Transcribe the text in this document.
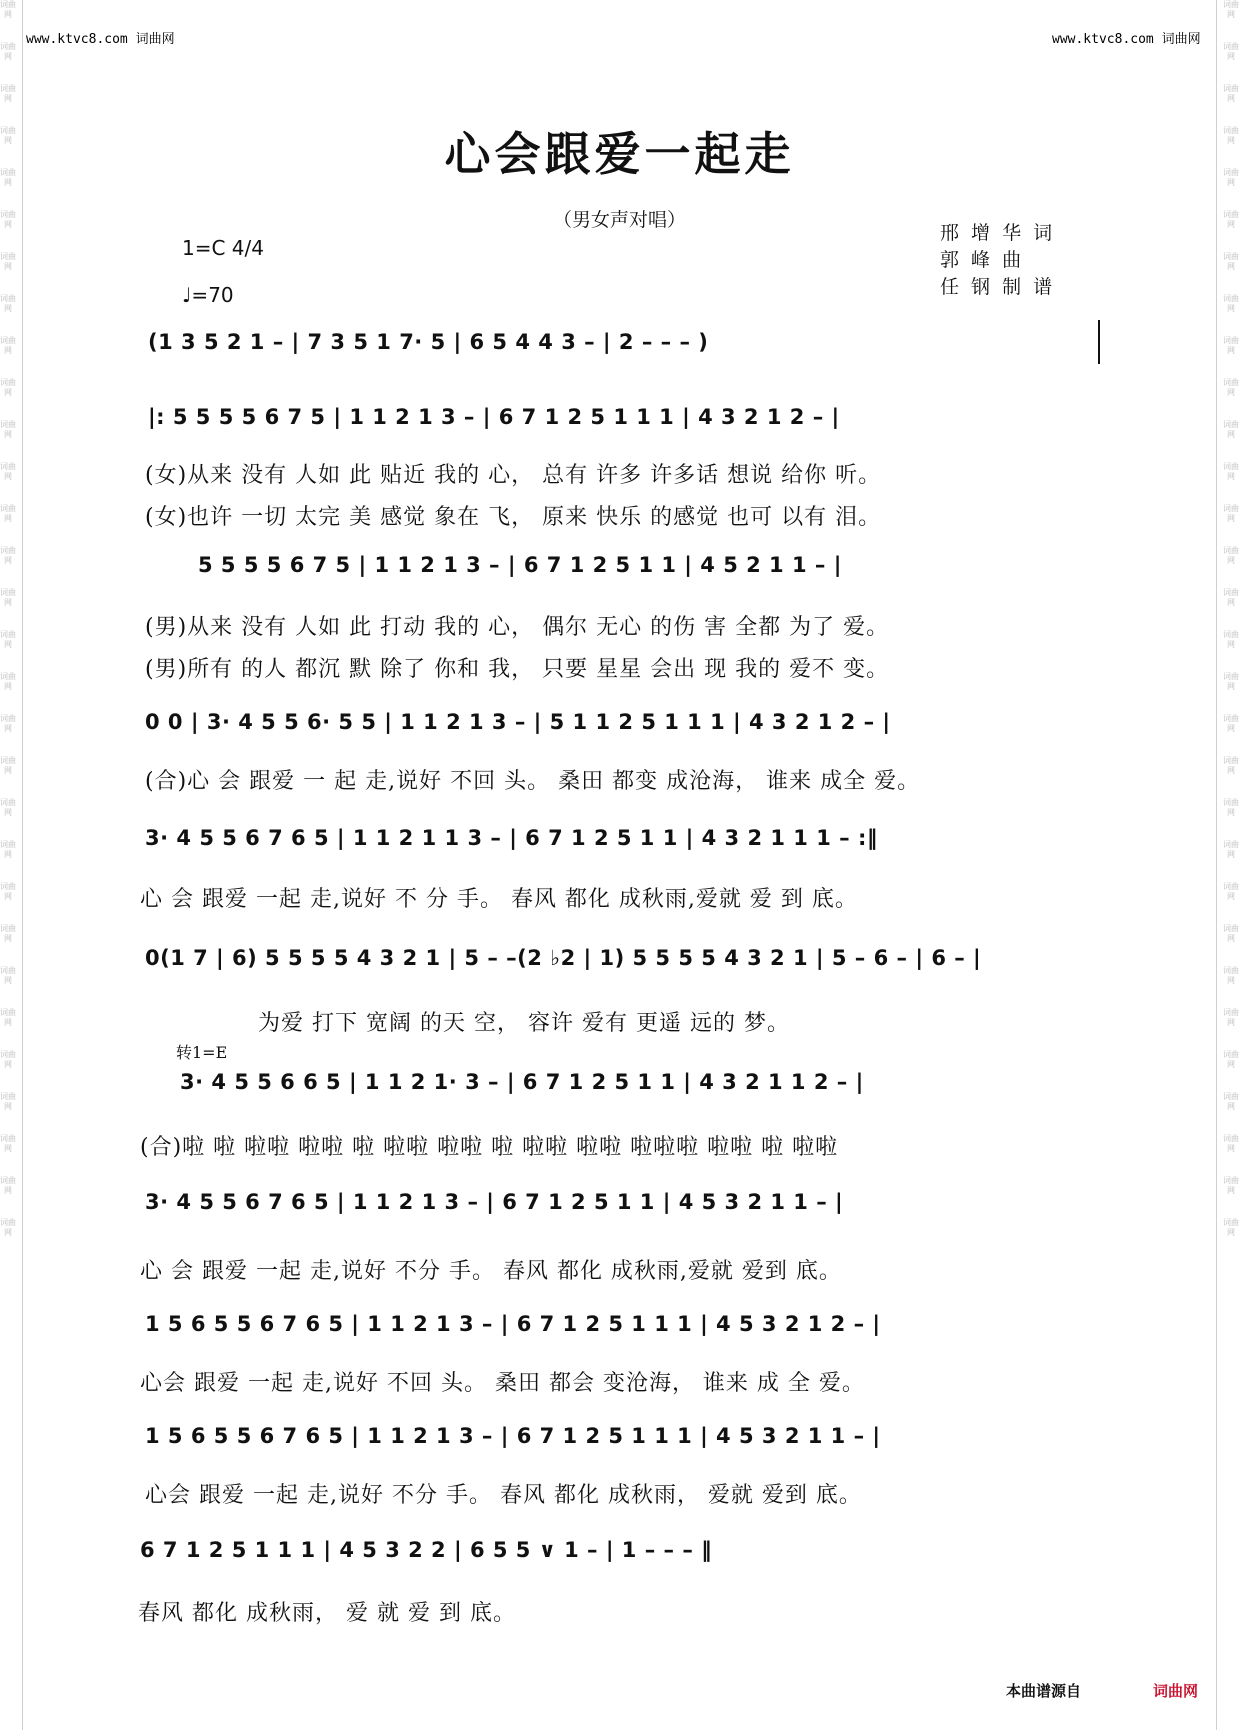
词曲网
词曲网
词曲网
词曲网
词曲网
词曲网
词曲网
词曲网
词曲网
词曲网
词曲网
词曲网
词曲网
词曲网
词曲网
词曲网
词曲网
词曲网
词曲网
词曲网
词曲网
词曲网
词曲网
词曲网
词曲网
词曲网
词曲网
词曲网
词曲网
词曲网
词曲网
词曲网
词曲网
词曲网
词曲网
词曲网
词曲网
词曲网
词曲网
词曲网
词曲网
词曲网
词曲网
词曲网
词曲网
词曲网
词曲网
词曲网
词曲网
词曲网
词曲网
词曲网
词曲网
词曲网
词曲网
词曲网
词曲网
词曲网
词曲网
词曲网
www.ktvc8.com 词曲网	www.ktvc8.com 词曲网
心会跟爱一起走
（男女声对唱）
邢 增 华 词
郭 峰 曲
任 钢 制 谱
1=C 4/4
♩=70
(1 3 5 2 1 – | 7 3 5 1 7· 5 | 6 5 4 4 3 – | 2 – – – )
|: 5 5 5 5 6 7 5 | 1 1 2 1 3 – | 6 7 1 2 5 1 1 1 | 4 3 2 1 2 – |
(女)从来 没有 人如 此 贴近 我的 心， 总有 许多 许多话 想说 给你 听。
(女)也许 一切 太完 美 感觉 象在 飞， 原来 快乐 的感觉 也可 以有 泪。
5 5 5 5 6 7 5 | 1 1 2 1 3 – | 6 7 1 2 5 1 1 | 4 5 2 1 1 – |
(男)从来 没有 人如 此 打动 我的 心， 偶尔 无心 的伤 害 全都 为了 爱。
(男)所有 的人 都沉 默 除了 你和 我， 只要 星星 会出 现 我的 爱不 变。
0 0 | 3· 4 5 5 6· 5 5 | 1 1 2 1 3 – | 5 1 1 2 5 1 1 1 | 4 3 2 1 2 – |
(合)心 会 跟爱 一 起 走,说好 不回 头。 桑田 都变 成沧海， 谁来 成全 爱。
3· 4 5 5 6 7 6 5 | 1 1 2 1 1 3 – | 6 7 1 2 5 1 1 | 4 3 2 1 1 1 – :‖
心 会 跟爱 一起 走,说好 不 分 手。 春风 都化 成秋雨,爱就 爱 到 底。
0(1 7 | 6) 5 5 5 5 4 3 2 1 | 5 – –(2 ♭2 | 1) 5 5 5 5 4 3 2 1 | 5 – 6 – | 6 – |
为爱 打下 宽阔 的天 空， 容许 爱有 更遥 远的 梦。
转1=E
3· 4 5 5 6 6 5 | 1 1 2 1· 3 – | 6 7 1 2 5 1 1 | 4 3 2 1 1 2 – |
(合)啦 啦 啦啦 啦啦 啦 啦啦 啦啦 啦 啦啦 啦啦 啦啦啦 啦啦 啦 啦啦
3· 4 5 5 6 7 6 5 | 1 1 2 1 3 – | 6 7 1 2 5 1 1 | 4 5 3 2 1 1 – |
心 会 跟爱 一起 走,说好 不分 手。 春风 都化 成秋雨,爱就 爱到 底。
1 5 6 5 5 6 7 6 5 | 1 1 2 1 3 – | 6 7 1 2 5 1 1 1 | 4 5 3 2 1 2 – |
心会 跟爱 一起 走,说好 不回 头。 桑田 都会 变沧海， 谁来 成 全 爱。
1 5 6 5 5 6 7 6 5 | 1 1 2 1 3 – | 6 7 1 2 5 1 1 1 | 4 5 3 2 1 1 – |
心会 跟爱 一起 走,说好 不分 手。 春风 都化 成秋雨， 爱就 爱到 底。
6 7 1 2 5 1 1 1 | 4 5 3 2 2 | 6 5 5 ∨ 1 – | 1 – – – ‖
春风 都化 成秋雨， 爱 就 爱 到 底。
本曲谱源自	词曲网
